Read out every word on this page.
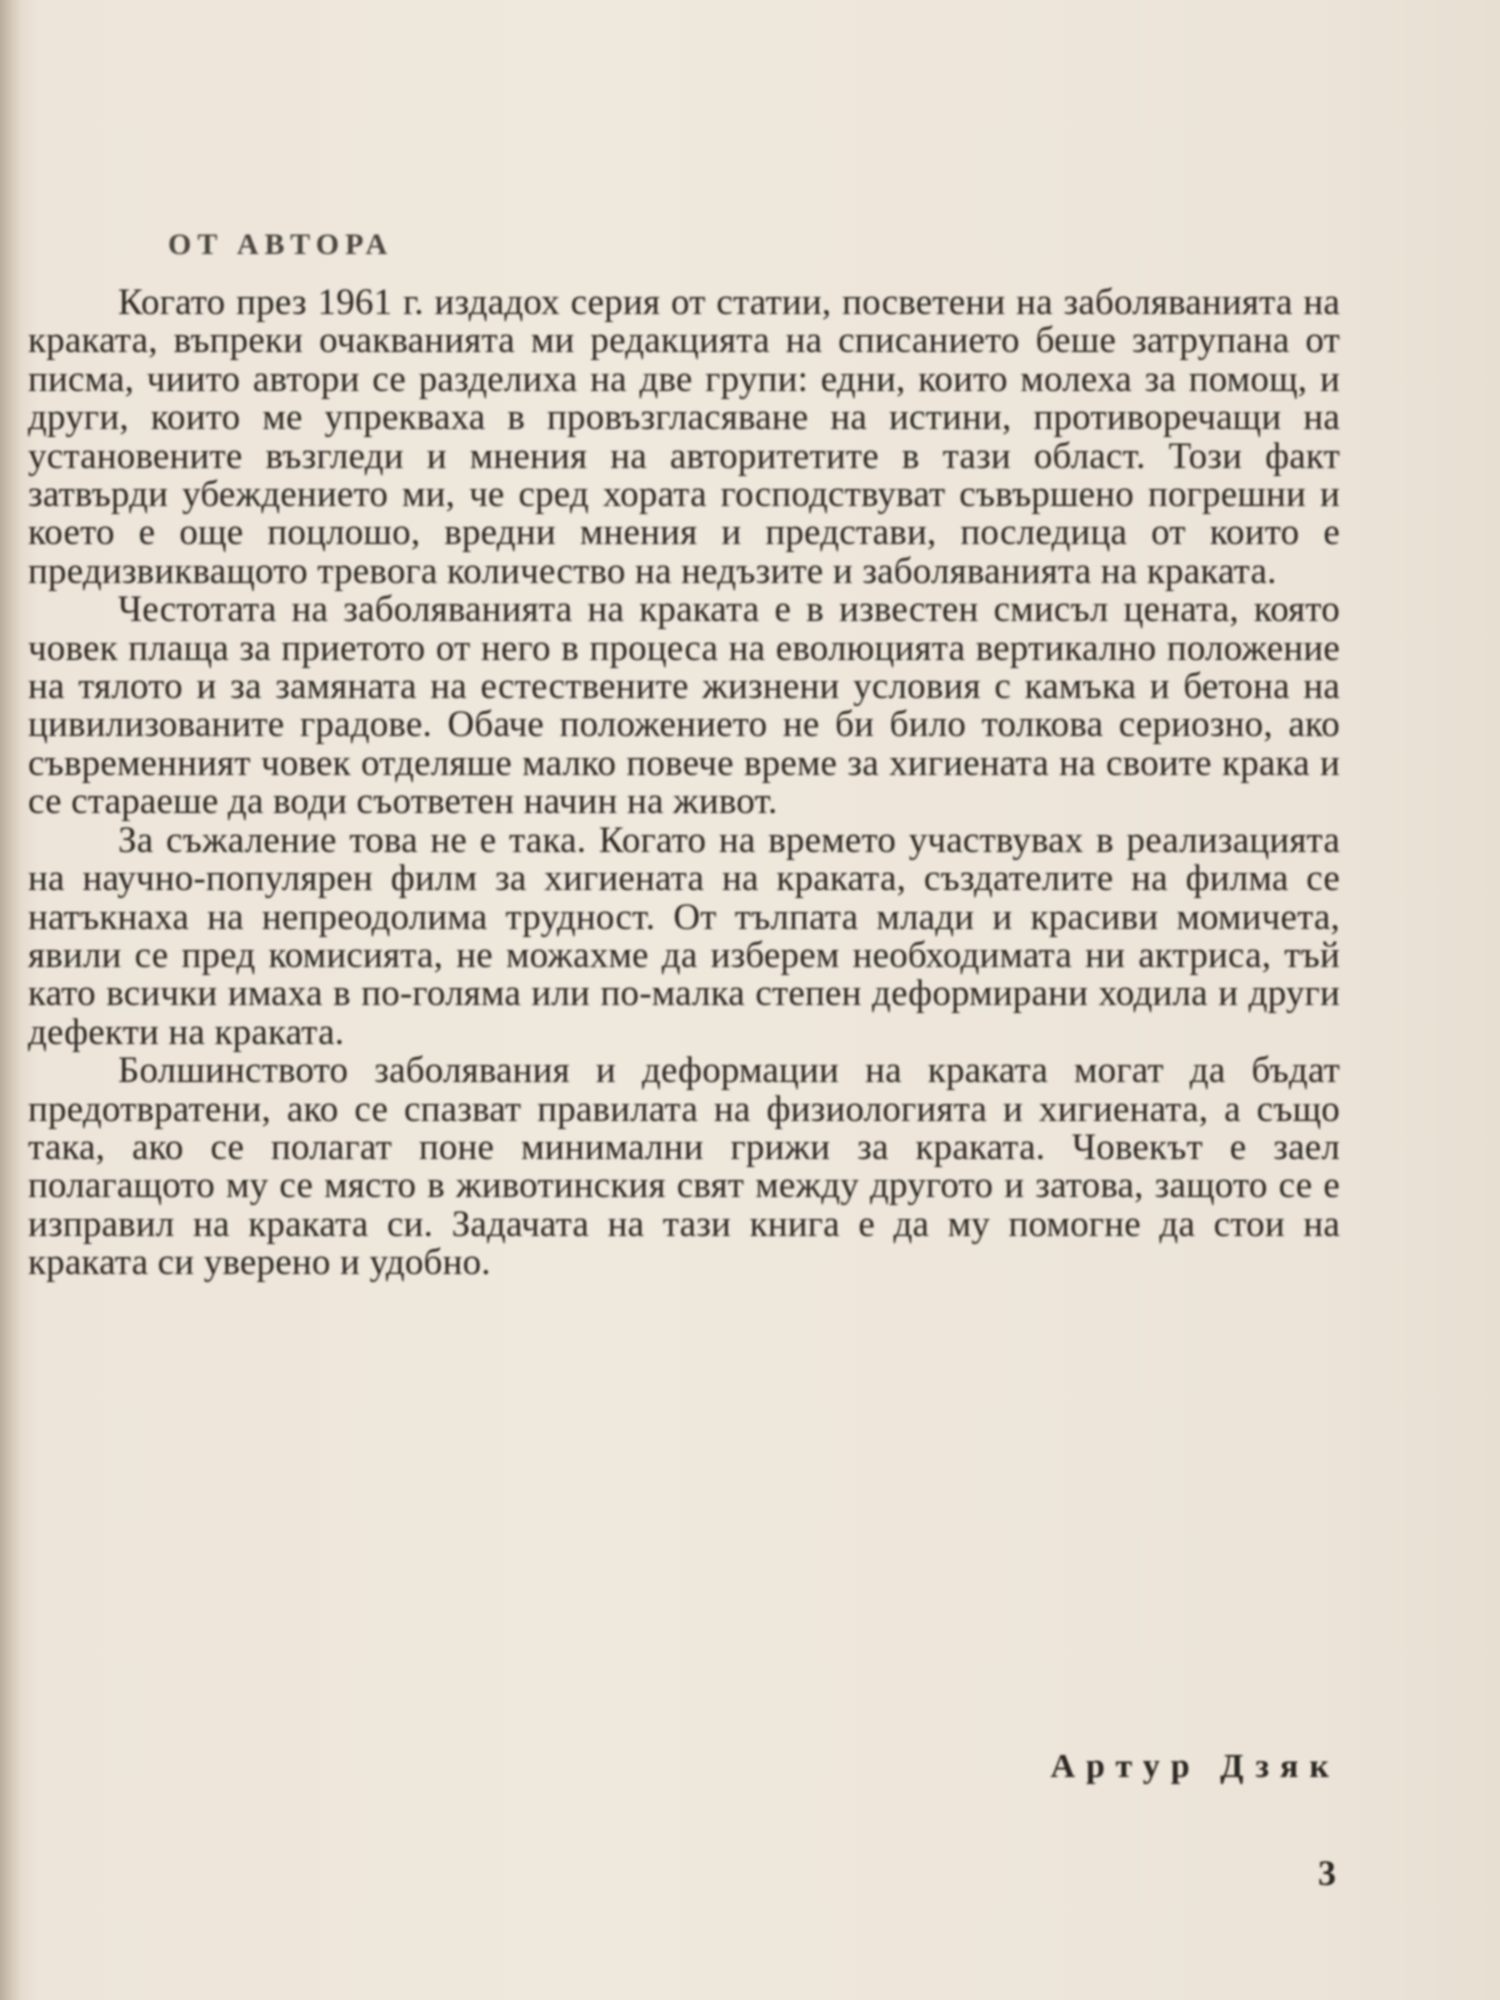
ОТ АВТОРА

Когато през 1961 г. издадох серия от статии, посветени на заболяванията на краката, въпреки очакванията ми редакцията на списанието беше затрупана от писма, чиито автори се разделиха на две групи: едни, които молеха за помощ, и други, които ме упрекваха в провъзгласяване на истини, противоречащи на установените възгледи и мнения на авторитетите в тази област. Този факт затвърди убеждението ми, че сред хората господствуват съвършено погрешни и което е още поцлошо, вредни мнения и представи, последица от които е предизвикващото тревога количество на недъзите и заболяванията на краката.

Честотата на заболяванията на краката е в известен смисъл цената, която човек плаща за приетото от него в процеса на еволюцията вертикално положение на тялото и за замяната на естествените жизнени условия с камъка и бетона на цивилизованите градове. Обаче положението не би било толкова сериозно, ако съвременният човек отделяше малко повече време за хигиената на своите крака и се стараеше да води съответен начин на живот.

За съжаление това не е така. Когато на времето участвувах в реализацията на научно-популярен филм за хигиената на краката, създателите на филма се натъкнаха на непреодолима трудност. От тълпата млади и красиви момичета, явили се пред комисията, не можахме да изберем необходимата ни актриса, тъй като всички имаха в по-голяма или по-малка степен деформирани ходила и други дефекти на краката.

Болшинството заболявания и деформации на краката могат да бъдат предотвратени, ако се спазват правилата на физиологията и хигиената, а също така, ако се полагат поне минимални грижи за краката. Човекът е заел полагащото му се място в животинския свят между другото и затова, защото се е изправил на краката си. Задачата на тази книга е да му помогне да стои на краката си уверено и удобно.

Артур Дзяк
3
